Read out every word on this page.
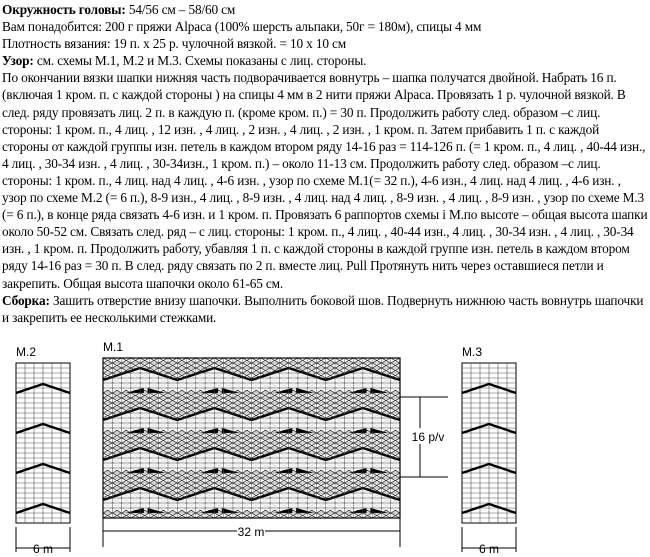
Окружность головы: 54/56 см – 58/60 см

Вам понадобится: 200 г пряжи Alpaca (100% шерсть альпаки, 50г = 180м), спицы 4 мм

Плотность вязания: 19 п. х 25 р. чулочной вязкой. = 10 х 10 см

Узор: см. схемы М.1, М.2 и М.3. Схемы показаны с лиц. стороны.

По окончании вязки шапки нижняя часть подворачивается вовнутрь – шапка получатся двойной. Набрать 16 п. (включая 1 кром. п. с каждой стороны ) на спицы 4 мм в 2 нити пряжи Alpaca. Провязать 1 р. чулочной вязкой. В след. ряду провязать лиц. 2 п. в каждую п. (кроме кром. п.) = 30 п. Продолжить работу след. образом –с лиц. стороны: 1 кром. п., 4 лиц. , 12 изн. , 4 лиц. , 2 изн. , 4 лиц. , 2 изн. , 1 кром. п. Затем прибавить 1 п. с каждой стороны от каждой группы изн. петель в каждом втором ряду 14-16 раз = 114-126 п. (= 1 кром. п., 4 лиц. , 40-44 изн., 4 лиц. , 30-34 изн. , 4 лиц. , 30-34изн., 1 кром. п.) – около 11-13 см. Продолжить работу след. образом –с лиц. стороны: 1 кром. п., 4 лиц. над 4 лиц. , 4-6 изн. , узор по схеме М.1(= 32 п.), 4-6 изн., 4 лиц. над 4 лиц. , 4-6 изн. , узор по схеме М.2 (= 6 п.), 8-9 изн., 4 лиц. , 8-9 изн. , 4 лиц. над 4 лиц. , 8-9 изн. , 4 лиц. , 8-9 изн. , узор по схеме М.3 (= 6 п.), в конце ряда связать 4-6 изн. и 1 кром. п. Провязать 6 раппортов схемы і М.по высоте – общая высота шапки около 50-52 см. Связать след. ряд – с лиц. стороны: 1 кром. п., 4 лиц. , 40-44 изн., 4 лиц. , 30-34 изн. , 4 лиц. , 30-34 изн. , 1 кром. п. Продолжить работу, убавляя 1 п. с каждой стороны в каждой группе изн. петель в каждом втором ряду 14-16 раз = 30 п. В след. ряду связать по 2 п. вместе лиц. Pull Протянуть нить через оставшиеся петли и закрепить. Общая высота шапочки около 61-65 см.

Сборка: Зашить отверстие внизу шапочки. Выполнить боковой шов. Подвернуть нижнюю часть вовнутрь шапочки и закрепить ее несколькими стежками.

M.2
6 m
M.1
32 m
16 p/v
M.3
6 m
